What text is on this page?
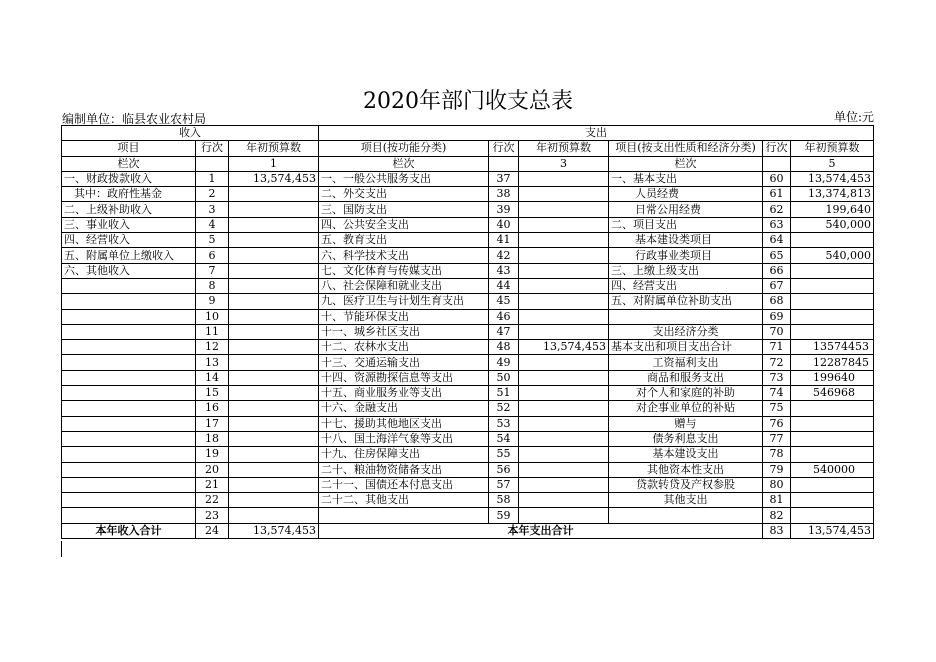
2020年部门收支总表
编制单位：临县农业农村局	单位:元
收入			支出					
项目	行次	年初预算数	项目(按功能分类)	行次	年初预算数	项目(按支出性质和经济分类)	行次	年初预算数
栏次		1	栏次		3	栏次		5
一、财政拨款收入	1	13,574,453	一、一般公共服务支出	37		一、基本支出	60	13,574,453
其中：政府性基金	2		二、外交支出	38		人员经费	61	13,374,813
二、上级补助收入	3		三、国防支出	39		日常公用经费	62	199,640
三、事业收入	4		四、公共安全支出	40		二、项目支出	63	540,000
四、经营收入	5		五、教育支出	41		基本建设类项目	64	
五、附属单位上缴收入	6		六、科学技术支出	42		行政事业类项目	65	540,000
六、其他收入	7		七、文化体育与传媒支出	43		三、上缴上级支出	66	
	8		八、社会保障和就业支出	44		四、经营支出	67	
	9		九、医疗卫生与计划生育支出	45		五、对附属单位补助支出	68	
	10		十、节能环保支出	46			69	
	11		十一、城乡社区支出	47		支出经济分类	70	
	12		十二、农林水支出	48	13,574,453	基本支出和项目支出合计	71	13574453
	13		十三、交通运输支出	49		工资福利支出	72	12287845
	14		十四、资源勘探信息等支出	50		商品和服务支出	73	199640
	15		十五、商业服务业等支出	51		对个人和家庭的补助	74	546968
	16		十六、金融支出	52		对企事业单位的补贴	75	
	17		十七、援助其他地区支出	53		赠与	76	
	18		十八、国土海洋气象等支出	54		债务利息支出	77	
	19		十九、住房保障支出	55		基本建设支出	78	
	20		二十、粮油物资储备支出	56		其他资本性支出	79	540000
	21		二十一、国债还本付息支出	57		贷款转贷及产权参股	80	
	22		二十二、其他支出	58		其他支出	81	
	23			59			82	
本年收入合计	24	13,574,453	本年支出合计				83	13,574,453
